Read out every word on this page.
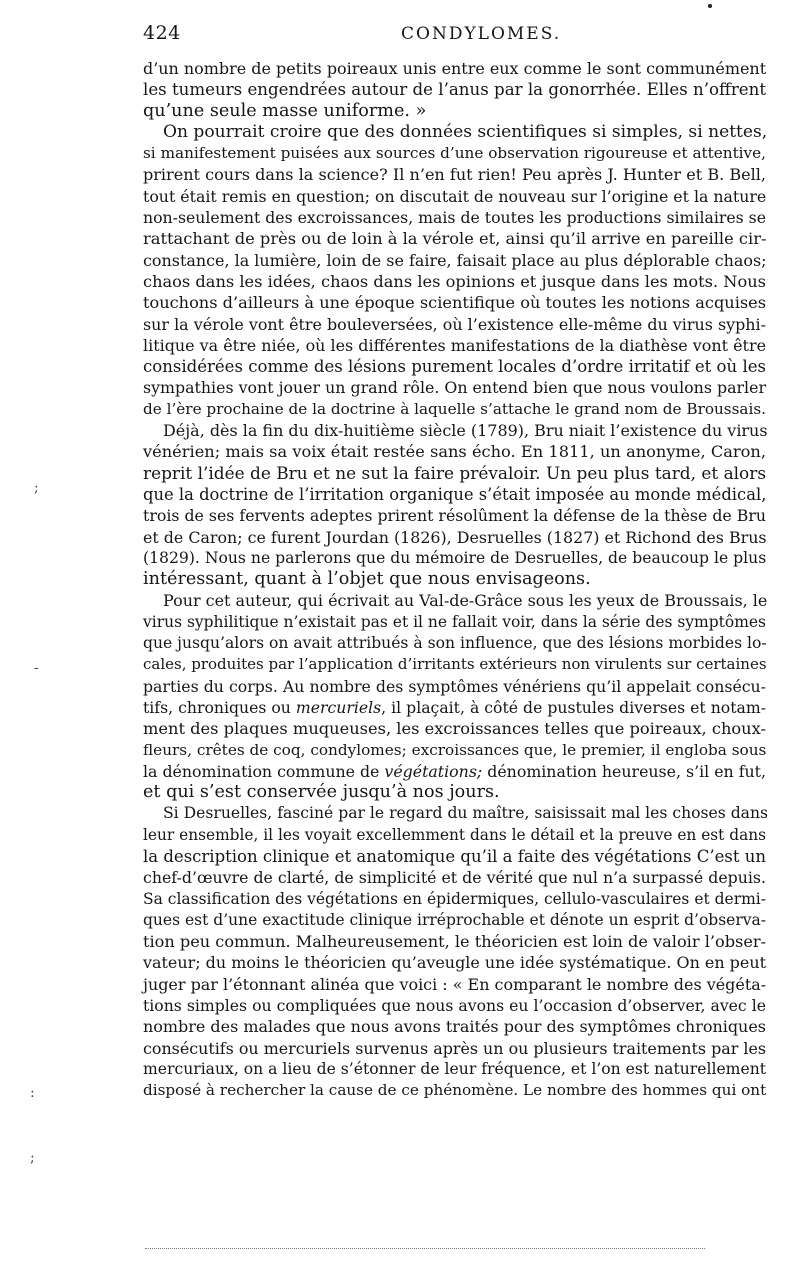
424	CONDYLOMES.
d’un nombre de petits poireaux unis entre eux comme le sont communément
les tumeurs engendrées autour de l’anus par la gonorrhée. Elles n’offrent
qu’une seule masse uniforme. »
On pourrait croire que des données scientifiques si simples, si nettes,
si manifestement puisées aux sources d’une observation rigoureuse et attentive,
prirent cours dans la science? Il n’en fut rien! Peu après J. Hunter et B. Bell,
tout était remis en question; on discutait de nouveau sur l’origine et la nature
non-seulement des excroissances, mais de toutes les productions similaires se
rattachant de près ou de loin à la vérole et, ainsi qu’il arrive en pareille cir-
constance, la lumière, loin de se faire, faisait place au plus déplorable chaos;
chaos dans les idées, chaos dans les opinions et jusque dans les mots. Nous
touchons d’ailleurs à une époque scientifique où toutes les notions acquises
sur la vérole vont être bouleversées, où l’existence elle-même du virus syphi-
litique va être niée, où les différentes manifestations de la diathèse vont être
considérées comme des lésions purement locales d’ordre irritatif et où les
sympathies vont jouer un grand rôle. On entend bien que nous voulons parler
de l’ère prochaine de la doctrine à laquelle s’attache le grand nom de Broussais.
Déjà, dès la fin du dix-huitième siècle (1789), Bru niait l’existence du virus
vénérien; mais sa voix était restée sans écho. En 1811, un anonyme, Caron,
reprit l’idée de Bru et ne sut la faire prévaloir. Un peu plus tard, et alors
que la doctrine de l’irritation organique s’était imposée au monde médical,
trois de ses fervents adeptes prirent résolûment la défense de la thèse de Bru
et de Caron; ce furent Jourdan (1826), Desruelles (1827) et Richond des Brus
(1829). Nous ne parlerons que du mémoire de Desruelles, de beaucoup le plus
intéressant, quant à l’objet que nous envisageons.
Pour cet auteur, qui écrivait au Val-de-Grâce sous les yeux de Broussais, le
virus syphilitique n’existait pas et il ne fallait voir, dans la série des symptômes
que jusqu’alors on avait attribués à son influence, que des lésions morbides lo-
cales, produites par l’application d’irritants extérieurs non virulents sur certaines
parties du corps. Au nombre des symptômes vénériens qu’il appelait consécu-
tifs, chroniques ou mercuriels, il plaçait, à côté de pustules diverses et notam-
ment des plaques muqueuses, les excroissances telles que poireaux, choux-
fleurs, crêtes de coq, condylomes; excroissances que, le premier, il engloba sous
la dénomination commune de végétations; dénomination heureuse, s’il en fut,
et qui s’est conservée jusqu’à nos jours.
Si Desruelles, fasciné par le regard du maître, saisissait mal les choses dans
leur ensemble, il les voyait excellemment dans le détail et la preuve en est dans
la description clinique et anatomique qu’il a faite des végétations C’est un
chef-d’œuvre de clarté, de simplicité et de vérité que nul n’a surpassé depuis.
Sa classification des végétations en épidermiques, cellulo-vasculaires et dermi-
ques est d’une exactitude clinique irréprochable et dénote un esprit d’observa-
tion peu commun. Malheureusement, le théoricien est loin de valoir l’obser-
vateur; du moins le théoricien qu’aveugle une idée systématique. On en peut
juger par l’étonnant alinéa que voici : « En comparant le nombre des végéta-
tions simples ou compliquées que nous avons eu l’occasion d’observer, avec le
nombre des malades que nous avons traités pour des symptômes chroniques
consécutifs ou mercuriels survenus après un ou plusieurs traitements par les
mercuriaux, on a lieu de s’étonner de leur fréquence, et l’on est naturellement
disposé à rechercher la cause de ce phénomène. Le nombre des hommes qui ont
;
-
:
;
